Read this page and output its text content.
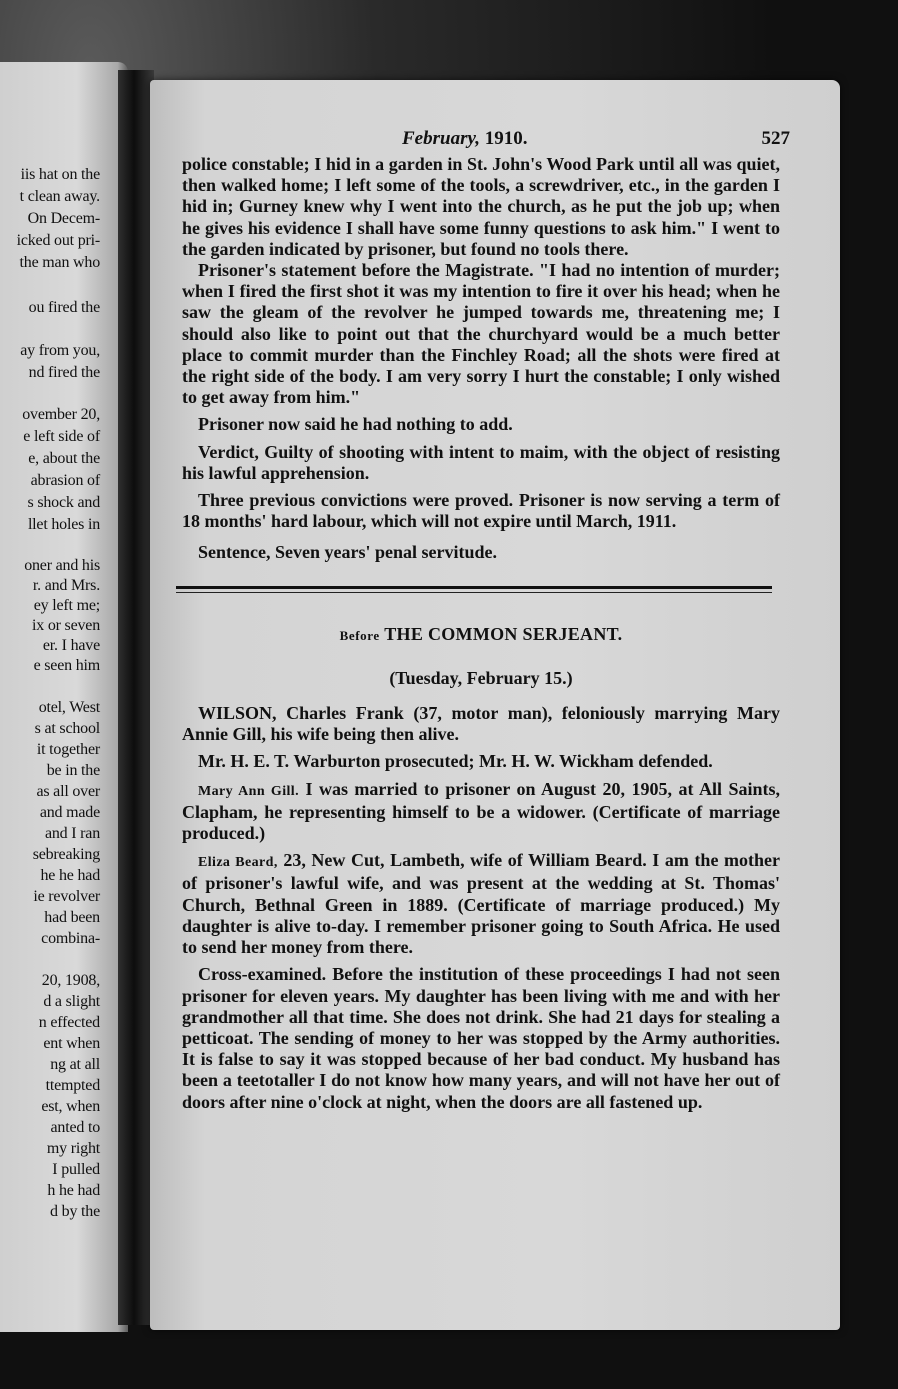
iis hat on the
t clean away.
On Decem-
icked out pri-
the man who
ou fired the
ay from you,
nd fired the
ovember 20,
e left side of
e, about the
abrasion of
s shock and
llet holes in
oner and his
r. and Mrs.
ey left me;
ix or seven
er. I have
e seen him
otel, West
s at school
it together
be in the
as all over
and made
and I ran
sebreaking
he he had
ie revolver
had been
combina-
20, 1908,
d a slight
n effected
ent when
ng at all
ttempted
est, when
anted to
my right
I pulled
h he had
d by the
February, 1910.	527

police constable; I hid in a garden in St. John's Wood Park until all was quiet, then walked home; I left some of the tools, a screwdriver, etc., in the garden I hid in; Gurney knew why I went into the church, as he put the job up; when he gives his evidence I shall have some funny questions to ask him." I went to the garden indicated by prisoner, but found no tools there.

Prisoner's statement before the Magistrate. "I had no intention of murder; when I fired the first shot it was my intention to fire it over his head; when he saw the gleam of the revolver he jumped towards me, threatening me; I should also like to point out that the churchyard would be a much better place to commit murder than the Finchley Road; all the shots were fired at the right side of the body. I am very sorry I hurt the constable; I only wished to get away from him."

Prisoner now said he had nothing to add.

Verdict, Guilty of shooting with intent to maim, with the object of resisting his lawful apprehension.

Three previous convictions were proved. Prisoner is now serving a term of 18 months' hard labour, which will not expire until March, 1911.

Sentence, Seven years' penal servitude.

Before THE COMMON SERJEANT.
(Tuesday, February 15.)

WILSON, Charles Frank (37, motor man), feloniously marrying Mary Annie Gill, his wife being then alive.

Mr. H. E. T. Warburton prosecuted; Mr. H. W. Wickham defended.

Mary Ann Gill. I was married to prisoner on August 20, 1905, at All Saints, Clapham, he representing himself to be a widower. (Certificate of marriage produced.)

Eliza Beard, 23, New Cut, Lambeth, wife of William Beard. I am the mother of prisoner's lawful wife, and was present at the wedding at St. Thomas' Church, Bethnal Green in 1889. (Certificate of marriage produced.) My daughter is alive to-day. I remember prisoner going to South Africa. He used to send her money from there.

Cross-examined. Before the institution of these proceedings I had not seen prisoner for eleven years. My daughter has been living with me and with her grandmother all that time. She does not drink. She had 21 days for stealing a petticoat. The sending of money to her was stopped by the Army authorities. It is false to say it was stopped because of her bad conduct. My husband has been a teetotaller I do not know how many years, and will not have her out of doors after nine o'clock at night, when the doors are all fastened up.
